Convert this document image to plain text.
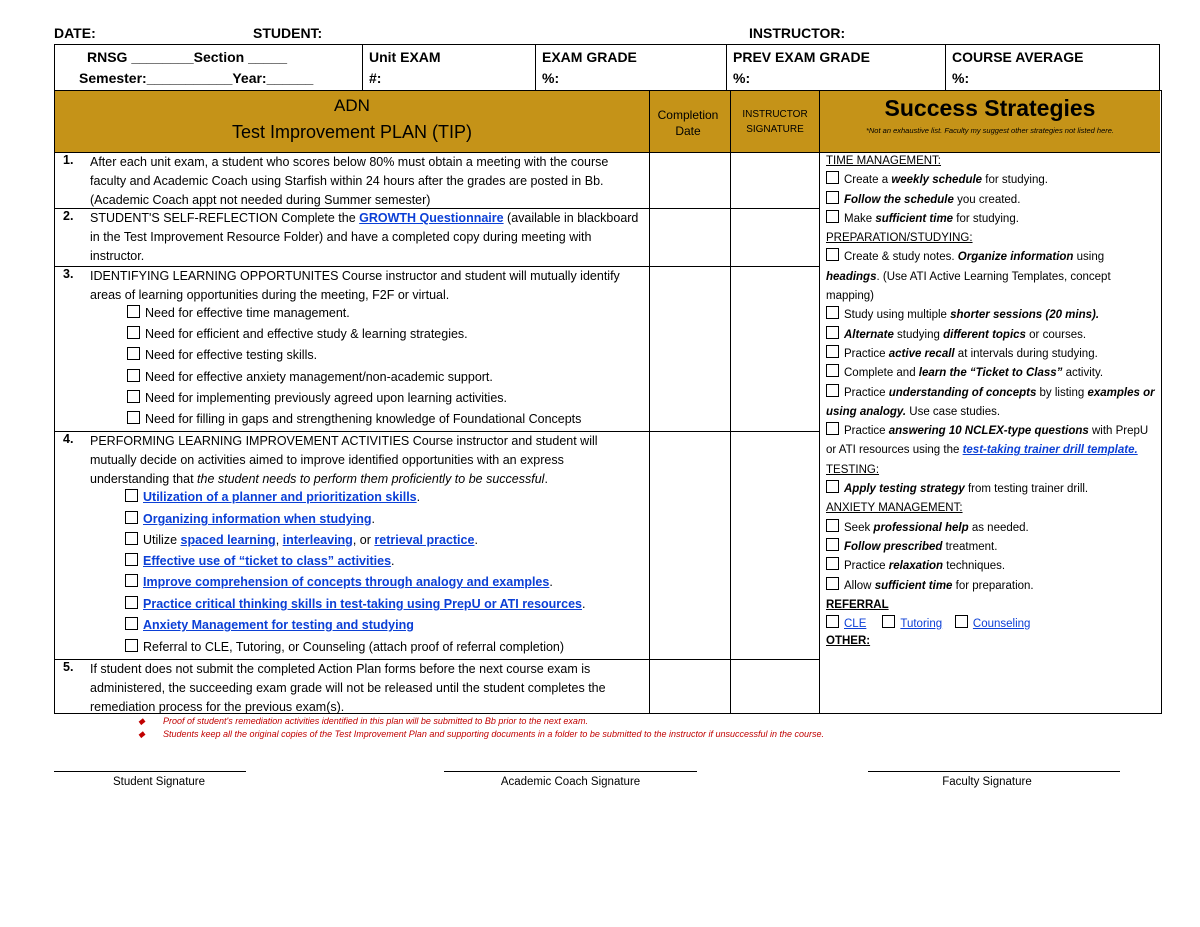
DATE:	STUDENT:	INSTRUCTOR:
RNSG ________Section _____
Semester:___________Year:______

Unit EXAM
#:

EXAM GRADE
%:

PREV EXAM GRADE
%:

COURSE AVERAGE
%:
ADN
Test Improvement PLAN (TIP)
Completion Date
INSTRUCTOR SIGNATURE
Success Strategies
*Not an exhaustive list. Faculty my suggest other strategies not listed here.
1. After each unit exam, a student who scores below 80% must obtain a meeting with the course faculty and Academic Coach using Starfish within 24 hours after the grades are posted in Bb. (Academic Coach appt not needed during Summer semester)
2. STUDENT'S SELF-REFLECTION Complete the GROWTH Questionnaire (available in blackboard in the Test Improvement Resource Folder) and have a completed copy during meeting with instructor.
3. IDENTIFYING LEARNING OPPORTUNITES Course instructor and student will mutually identify areas of learning opportunities during the meeting, F2F or virtual.
Need for effective time management.
Need for efficient and effective study & learning strategies.
Need for effective testing skills.
Need for effective anxiety management/non-academic support.
Need for implementing previously agreed upon learning activities.
Need for filling in gaps and strengthening knowledge of Foundational Concepts
4. PERFORMING LEARNING IMPROVEMENT ACTIVITIES Course instructor and student will mutually decide on activities aimed to improve identified opportunities with an express understanding that the student needs to perform them proficiently to be successful.
Utilization of a planner and prioritization skills.
Organizing information when studying.
Utilize spaced learning, interleaving, or retrieval practice.
Effective use of “ticket to class” activities.
Improve comprehension of concepts through analogy and examples.
Practice critical thinking skills in test-taking using PrepU or ATI resources.
Anxiety Management for testing and studying
Referral to CLE, Tutoring, or Counseling (attach proof of referral completion)
5. If student does not submit the completed Action Plan forms before the next course exam is administered, the succeeding exam grade will not be released until the student completes the remediation process for the previous exam(s).
TIME MANAGEMENT:
Create a weekly schedule for studying.
Follow the schedule you created.
Make sufficient time for studying.
PREPARATION/STUDYING:
Create & study notes. Organize information using headings. (Use ATI Active Learning Templates, concept mapping)
Study using multiple shorter sessions (20 mins).
Alternate studying different topics or courses.
Practice active recall at intervals during studying.
Complete and learn the “Ticket to Class” activity.
Practice understanding of concepts by listing examples or using analogy. Use case studies.
Practice answering 10 NCLEX-type questions with PrepU or ATI resources using the test-taking trainer drill template.
TESTING:
Apply testing strategy from testing trainer drill.
ANXIETY MANAGEMENT:
Seek professional help as needed.
Follow prescribed treatment.
Practice relaxation techniques.
Allow sufficient time for preparation.
REFERRAL
CLE	Tutoring	Counseling
OTHER:
◆ Proof of student's remediation activities identified in this plan will be submitted to Bb prior to the next exam.
◆ Students keep all the original copies of the Test Improvement Plan and supporting documents in a folder to be submitted to the instructor if unsuccessful in the course.
Student Signature	Academic Coach Signature	Faculty Signature
